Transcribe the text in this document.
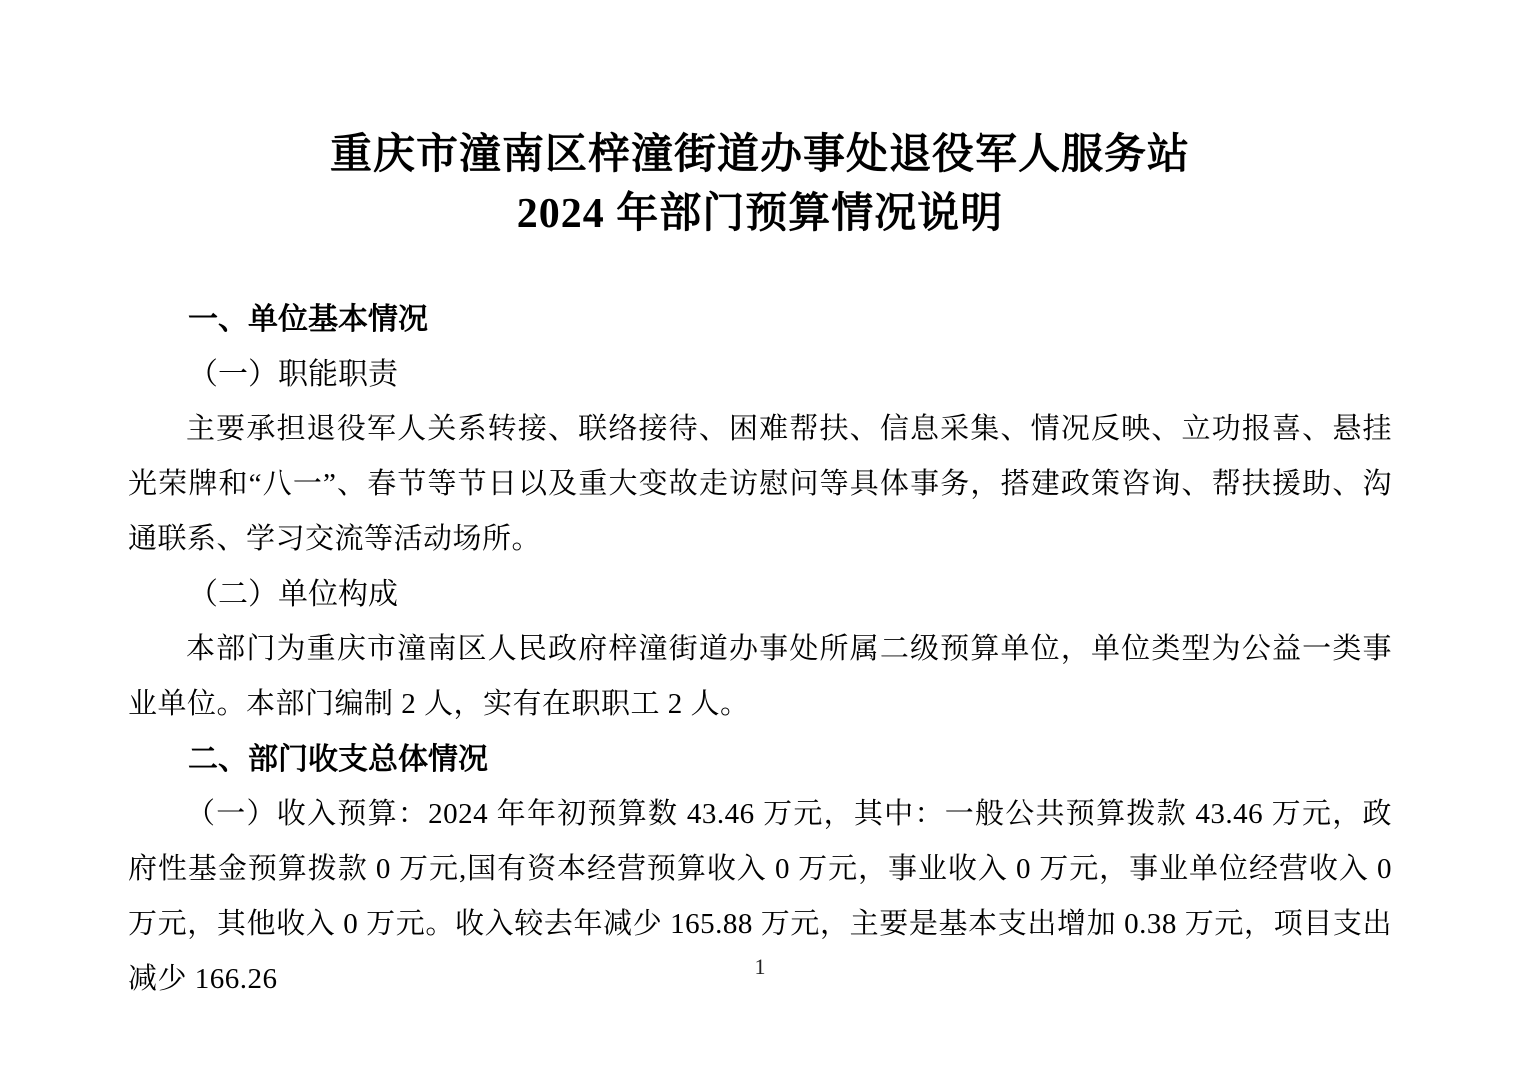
重庆市潼南区梓潼街道办事处退役军人服务站
2024 年部门预算情况说明
一、单位基本情况
（一）职能职责
主要承担退役军人关系转接、联络接待、困难帮扶、信息采集、情况反映、立功报喜、悬挂光荣牌和“八一”、春节等节日以及重大变故走访慰问等具体事务，搭建政策咨询、帮扶援助、沟通联系、学习交流等活动场所。
（二）单位构成
本部门为重庆市潼南区人民政府梓潼街道办事处所属二级预算单位，单位类型为公益一类事业单位。本部门编制 2 人，实有在职职工 2 人。
二、部门收支总体情况
（一）收入预算：2024 年年初预算数 43.46 万元，其中：一般公共预算拨款 43.46 万元，政府性基金预算拨款 0 万元,国有资本经营预算收入 0 万元，事业收入 0 万元，事业单位经营收入 0 万元，其他收入 0 万元。收入较去年减少 165.88 万元，主要是基本支出增加 0.38 万元，项目支出减少 166.26	1
